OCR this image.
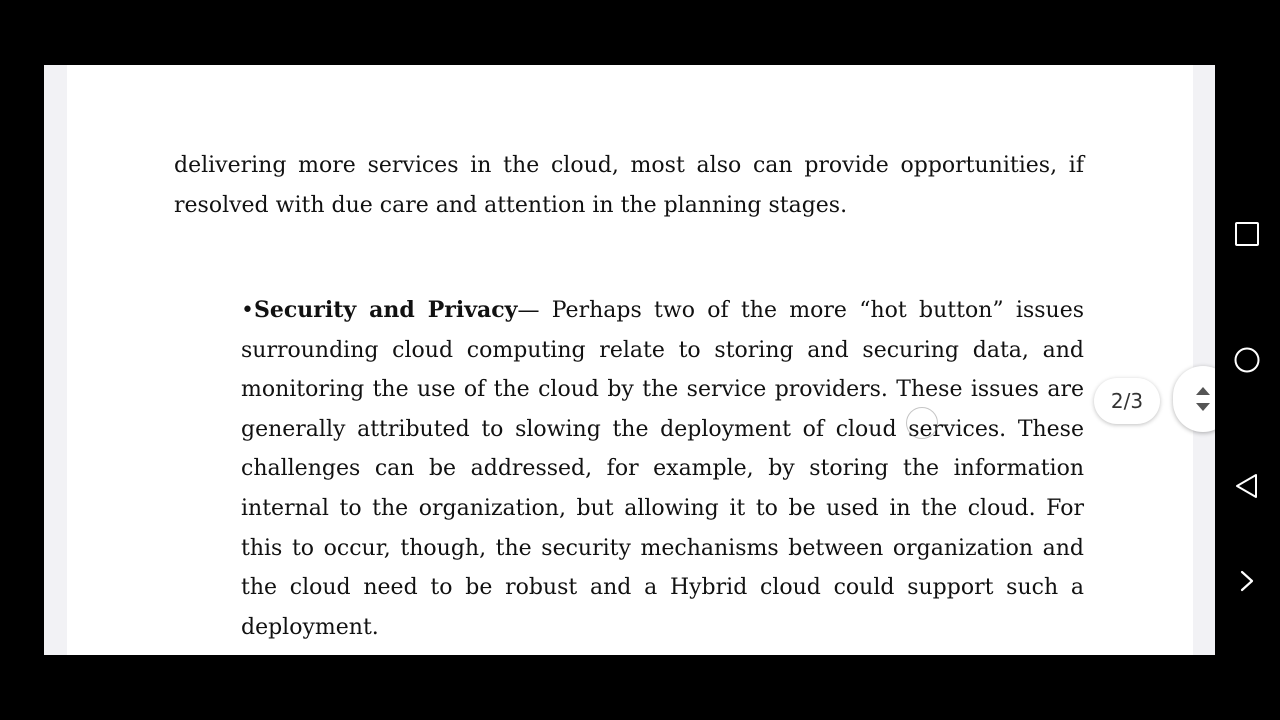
delivering more services in the cloud, most also can provide opportunities, if resolved with due care and attention in the planning stages.

•Security and Privacy— Perhaps two of the more “hot button” issues surrounding cloud computing relate to storing and securing data, and monitoring the use of the cloud by the service providers. These issues are generally attributed to slowing the deployment of cloud services. These challenges can be addressed, for example, by storing the information internal to the organization, but allowing it to be used in the cloud. For this to occur, though, the security mechanisms between organization and the cloud need to be robust and a Hybrid cloud could support such a deployment.

2/3
